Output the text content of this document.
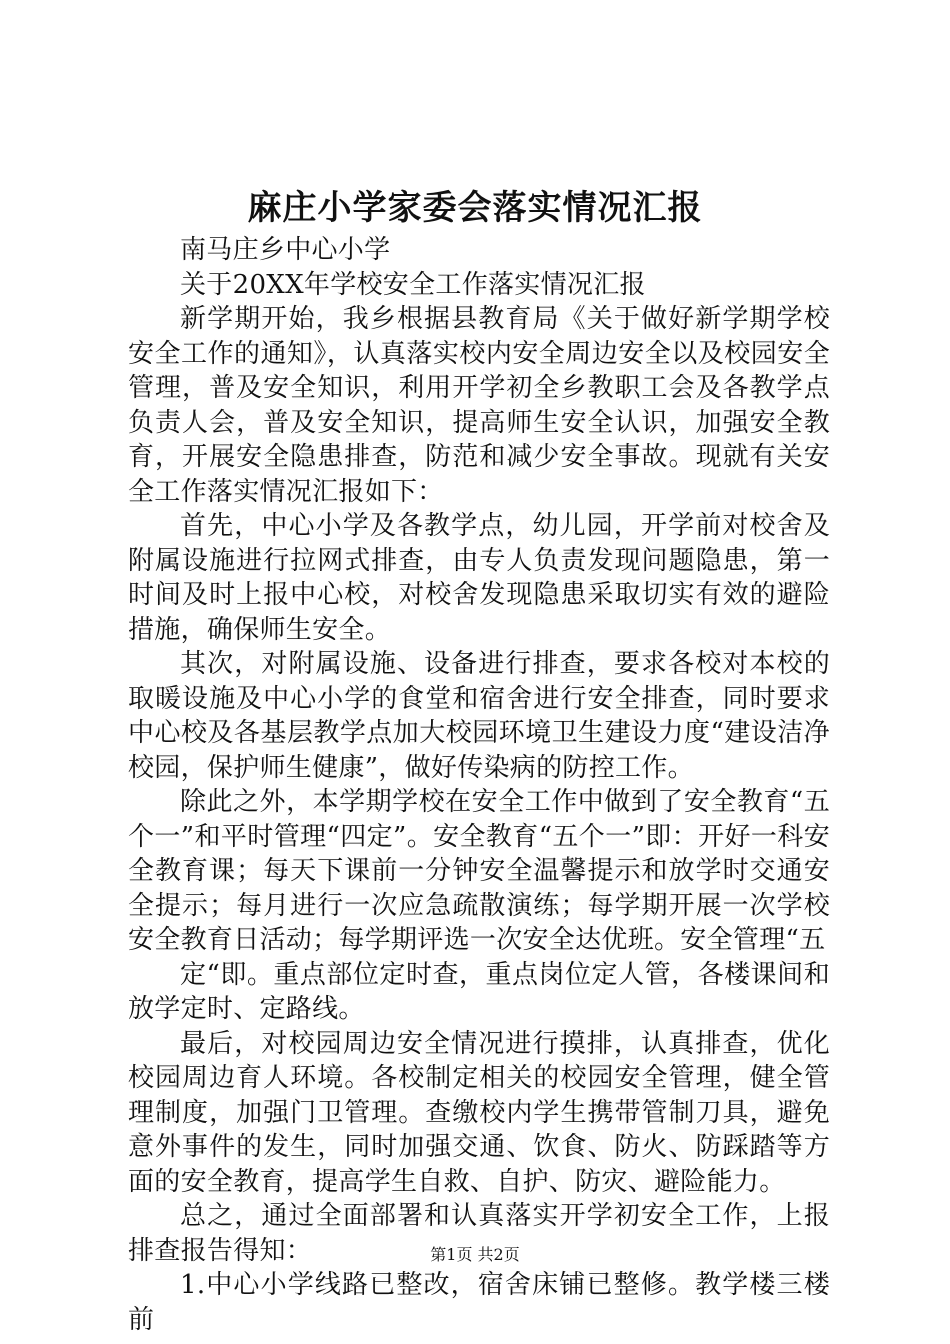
麻庄小学家委会落实情况汇报

南马庄乡中心小学

关于20XX年学校安全工作落实情况汇报

新学期开始，我乡根据县教育局《关于做好新学期学校安全工作的通知》，认真落实校内安全周边安全以及校园安全管理，普及安全知识，利用开学初全乡教职工会及各教学点负责人会，普及安全知识，提高师生安全认识，加强安全教育，开展安全隐患排查，防范和减少安全事故。现就有关安全工作落实情况汇报如下：

首先，中心小学及各教学点，幼儿园，开学前对校舍及附属设施进行拉网式排查，由专人负责发现问题隐患，第一时间及时上报中心校，对校舍发现隐患采取切实有效的避险措施，确保师生安全。

其次，对附属设施、设备进行排查，要求各校对本校的取暖设施及中心小学的食堂和宿舍进行安全排查，同时要求中心校及各基层教学点加大校园环境卫生建设力度“建设洁净校园，保护师生健康”，做好传染病的防控工作。

除此之外，本学期学校在安全工作中做到了安全教育“五个一”和平时管理“四定”。安全教育“五个一”即：开好一科安全教育课；每天下课前一分钟安全温馨提示和放学时交通安全提示；每月进行一次应急疏散演练；每学期开展一次学校安全教育日活动；每学期评选一次安全达优班。安全管理“五

定“即。重点部位定时查，重点岗位定人管，各楼课间和放学定时、定路线。

最后，对校园周边安全情况进行摸排，认真排查，优化校园周边育人环境。各校制定相关的校园安全管理，健全管理制度，加强门卫管理。查缴校内学生携带管制刀具，避免意外事件的发生，同时加强交通、饮食、防火、防踩踏等方面的安全教育，提高学生自救、自护、防灾、避险能力。

总之，通过全面部署和认真落实开学初安全工作，上报排查报告得知：

1.中心小学线路已整改，宿舍床铺已整修。教学楼三楼前

第1页 共2页
